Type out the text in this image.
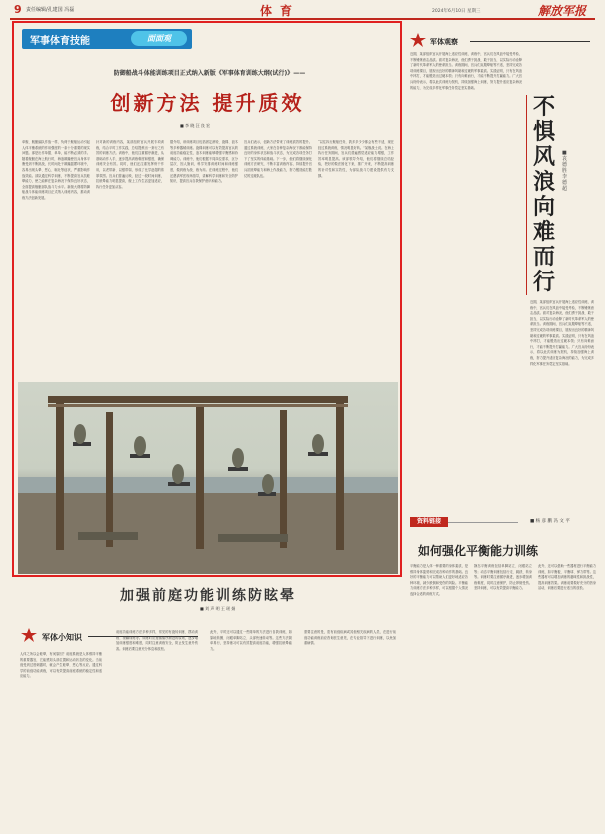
9 责任编辑/孔建国 冯磊	体育	2024年6月10日 星期三	解放军报
军事体育技能	面面观
防御船战斗体能训练项目正式纳入新版《军事体育训练大纲(试行)》——
创新方法 提升质效
■ 李 晓 汪 良 宏
单舰、舰艇编队作战一样，负荷于舰船运动引起人体平衡系统的作用强度的一条十分重要的现实问题。那是出作单据、单单，能不断必须的手。随着舰艇在海上航行时，海浪颠簸使官兵身体平衡受到不断挑战，长时间处于颠簸摇摆环境中，容易出现头晕、恶心、呕吐等症状，严重影响作战效能。部队通过科学训练，不断提高官兵抗眩晕能力，使之能够在复杂海况下保持良好状态，全面提高舰艇部队战斗力水平。新版大纲将防御船战斗体能训练项目正式纳入训练内容，推动训练方法创新发展。
针对新的训练内容，某部组织官兵开展专项训练，结合平时工作实践，总结提炼出一套行之有效的训练方法。训练中，他们注重循序渐进，从基础动作入手，逐步提高训练难度和强度，确保训练安全有效。同时，他们还注重发挥骨干作用，以老带新、以强带弱，形成了比学赶超的浓厚氛围。官兵们普遍反映，经过一段时间训练，抗眩晕能力明显提高，舰上工作生活更加适应，执行任务更加从容。
据介绍，该训练项目包括固定滚轮、旋梯、浪木等多种器械训练。旋梯训练可以有效提高官兵的前庭功能稳定性，浪木训练能够增强平衡感和协调能力。训练中，他们根据不同岗位需求，区分层次、因人施训，科学安排训练时间和训练强度，做到练为战、练为用。在训练过程中，他们还邀请军医现场指导，讲解科学训练和安全防护知识，提高官兵自我保护意识和能力。
官兵们表示，创新方法带来了训练质效的提升。通过系统训练，大家在各种复杂海况下都能保持良好的身体状态和战斗状态，为完成各项任务打下了坚实的体能基础。下一步，他们将继续深化训练方法研究，不断丰富训练内容，持续提升官兵抗眩晕能力和海上作战能力，努力锻造能打胜仗的过硬队伍。
“以往执行舰船任务，我多多少少都会有些不适，现在经过系统训练，情况明显好转。”某舰战士说。在海上执行任务期间，官兵们普遍感觉适应能力增强，工作效率明显提高。该部领导介绍，他们将继续总结经验，把好的做法固化下来，推广开来，不断提高训练的针对性和实效性，为部队战斗力建设提供有力支撑。
加强前庭功能训练防眩晕
■ 刘 声 明 王 瑶 娟
军体小知识
人体之所以会眩晕，有何原因？前庭系统是人体维持平衡的重要器官，它能感知头部位置和运动状态的变化。当前庭受到过度刺激时，就会产生眩晕、恶心等反应。通过科学的前庭功能训练，可以有效提高前庭系统的稳定性和适应能力。
前庭功能训练方法多种多样，常见的有旋转训练、摆动训练、滚翻训练等。训练时应遵循循序渐进的原则，逐步增加训练强度和难度，同时注意训练安全，防止发生意外伤害。训练后要注意充分休息和放松。
此外，平时还可以通过一些简单的方法进行自我训练，如原地转圈、闭眼单脚站立、头部快速转动等。这些方法简单易行，坚持练习可以有效提高前庭功能，增强抗眩晕能力。
需要注意的是，患有前庭疾病或其他相关疾病的人员，在进行前庭功能训练前应咨询医生意见，在专业指导下进行训练，以免加重病情。
军体观察
近期，某部组织官兵开展海上适应性训练，训练中，官兵们在风浪中接受考验，不断锤炼意志品质。面对复杂海况，他们勇于挑战、敢于担当，以实际行动诠释了新时代革命军人的使命担当。训练期间，官兵们克服晕船等不适，坚持完成各项训练课目，展现出良好的精神风貌和过硬的军事素质。实践证明，只有在风浪中摔打，才能锻造出过硬本领；只有向难而行，才能不断提升打赢能力。广大官兵纷纷表示，将以此次训练为契机，持续加强海上训练，努力提升适应复杂海况的能力，为完成多样化军事任务奠定坚实基础。
不惧风浪 向难而行
■ 袁 德 胜 李 德 超
近期，某部组织官兵开展海上适应性训练，训练中，官兵们在风浪中接受考验，不断锤炼意志品质。面对复杂海况，他们勇于挑战、敢于担当，以实际行动诠释了新时代革命军人的使命担当。训练期间，官兵们克服晕船等不适，坚持完成各项训练课目，展现出良好的精神风貌和过硬的军事素质。实践证明，只有在风浪中摔打，才能锻造出过硬本领；只有向难而行，才能不断提升打赢能力。广大官兵纷纷表示，将以此次训练为契机，持续加强海上训练，努力提升适应复杂海况的能力，为完成多样化军事任务奠定坚实基础。
资料链接	■ 杨 彦 鹏 冯 文 平
如何强化平衡能力训练
平衡能力是人体一种重要的身体素质，是维持身体姿势和完成各种动作的基础。良好的平衡能力可以帮助人们更好地适应各种环境，减少跌倒和受伤的风险。平衡能力训练方法多种多样，可以根据个人情况选择合适的训练方式。
静态平衡训练包括单脚站立、闭眼站立等；动态平衡训练包括行走、跳跃、转身等。训练时要注意循序渐进，逐步增加训练难度，同时注意保护，防止摔倒受伤。坚持训练，可以有效提高平衡能力。
此外，还可以借助一些器材进行平衡能力训练，如平衡板、平衡球、弹力带等。这些器材可以增加训练的趣味性和挑战性，提高训练效果。训练前要做好充分的热身活动，训练后要进行适当的放松。
